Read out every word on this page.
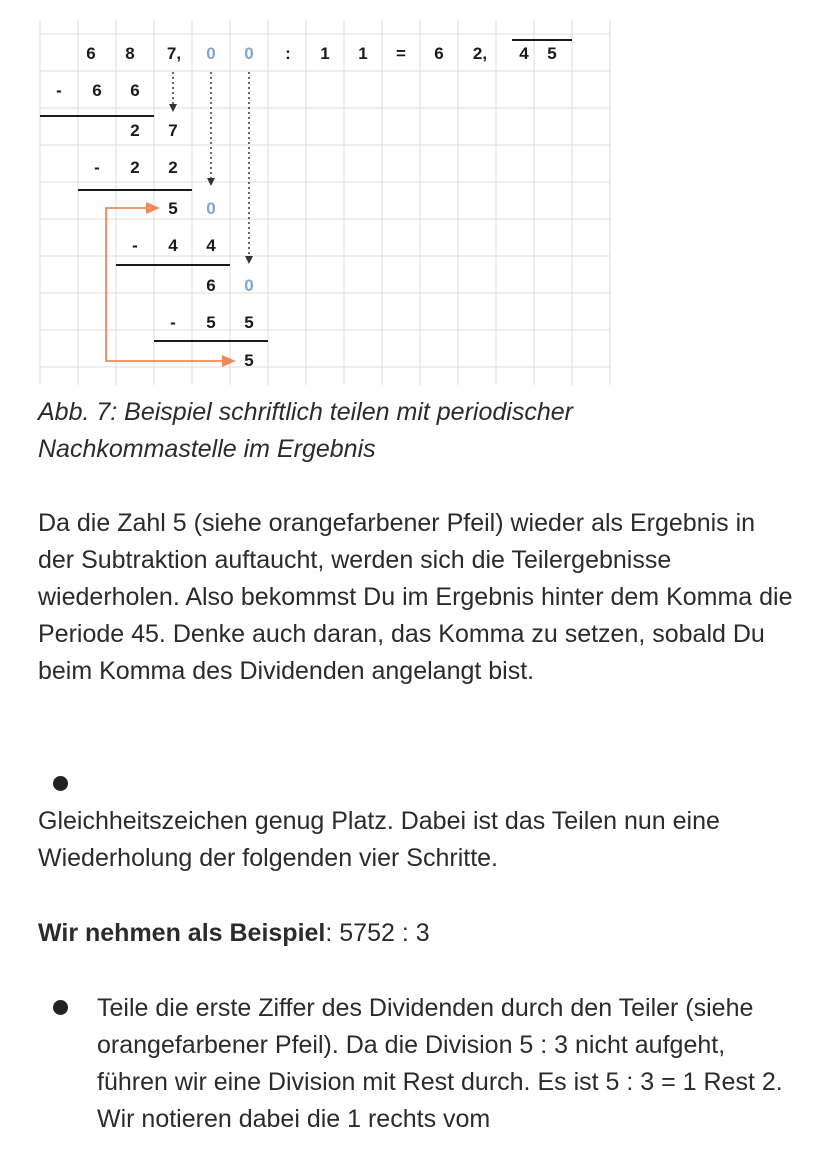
6 8 7, 0 0 : 1 1 = 6 2, 4 5
- 6 6
2 7
- 2 2
5 0
- 4 4
6 0
- 5 5
5
Abb. 7: Beispiel schriftlich teilen mit periodischer
Nachkommastelle im Ergebnis
Da die Zahl 5 (siehe orangefarbener Pfeil) wieder als Ergebnis in der Subtraktion auftaucht, werden sich die Teilergebnisse wiederholen. Also bekommst Du im Ergebnis hinter dem Komma die Periode 45. Denke auch daran, das Komma zu setzen, sobald Du beim Komma des Dividenden angelangt bist.
Gleichheitszeichen genug Platz. Dabei ist das Teilen nun eine Wiederholung der folgenden vier Schritte.
Wir nehmen als Beispiel: 5752 : 3
Teile die erste Ziffer des Dividenden durch den Teiler (siehe orangefarbener Pfeil). Da die Division 5 : 3 nicht aufgeht, führen wir eine Division mit Rest durch. Es ist 5 : 3 = 1 Rest 2. Wir notieren dabei die 1 rechts vom
